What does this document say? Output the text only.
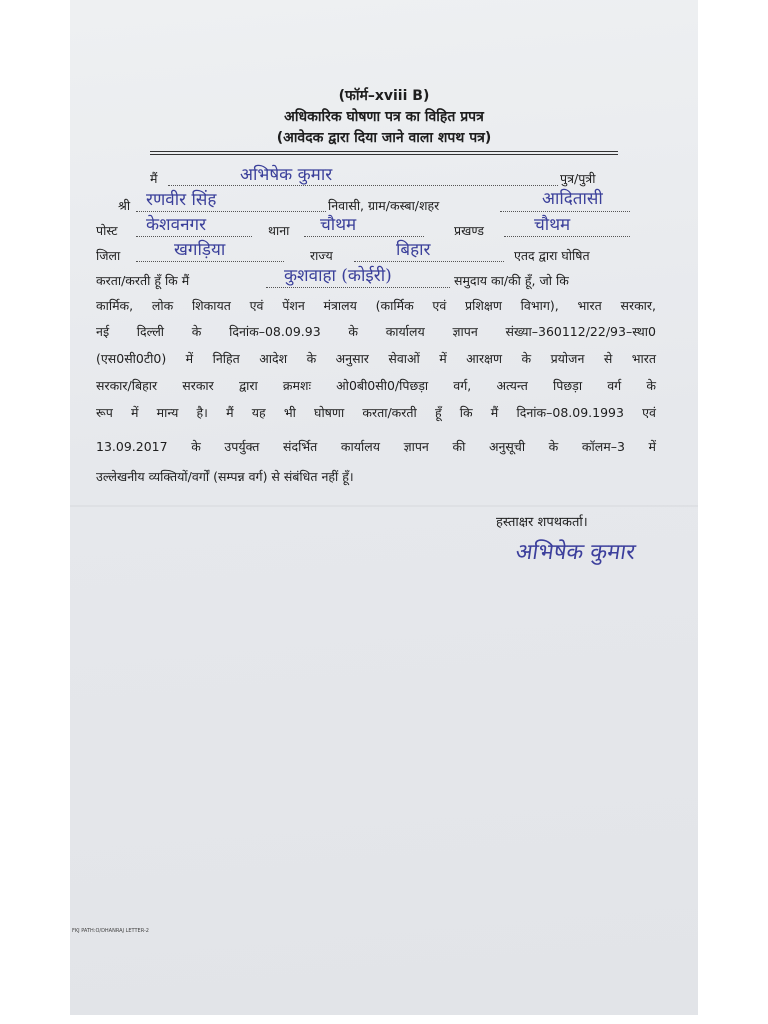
(फॉर्म–xviii B)
अधिकारिक घोषणा पत्र का विहित प्रपत्र
(आवेदक द्वारा दिया जाने वाला शपथ पत्र)
मैं	अभिषेक कुमार	पुत्र/पुत्री
श्री रणवीर सिंह	निवासी, ग्राम/कस्बा/शहर	आदितासी
पोस्ट केशवनगर	थाना चौथम	प्रखण्ड	चौथम
जिला	खगड़िया	राज्य	बिहार	एतद द्वारा घोषित
करता/करती हूँ कि मैं	कुशवाहा (कोईरी)	समुदाय का/की हूँ, जो कि
कार्मिक, लोक शिकायत एवं पेंशन मंत्रालय (कार्मिक एवं प्रशिक्षण विभाग), भारत सरकार,
नई दिल्ली के दिनांक–08.09.93 के कार्यालय ज्ञापन संख्या–360112/22/93–स्था0
(एस0सी0टी0) में निहित आदेश के अनुसार सेवाओं में आरक्षण के प्रयोजन से भारत
सरकार/बिहार सरकार द्वारा क्रमशः ओ0बी0सी0/पिछड़ा वर्ग, अत्यन्त पिछड़ा वर्ग के
रूप में मान्य है। मैं यह भी घोषणा करता/करती हूँ कि मैं दिनांक–08.09.1993 एवं
13.09.2017 के उपर्युक्त संदर्भित कार्यालय ज्ञापन की अनुसूची के कॉलम–3 में
उल्लेखनीय व्यक्तियों/वर्गों (सम्पन्न वर्ग) से संबंधित नहीं हूँ।
हस्ताक्षर शपथकर्ता।
अभिषेक कुमार
FKJ PATH:O/DHANRAJ LETTER-2
